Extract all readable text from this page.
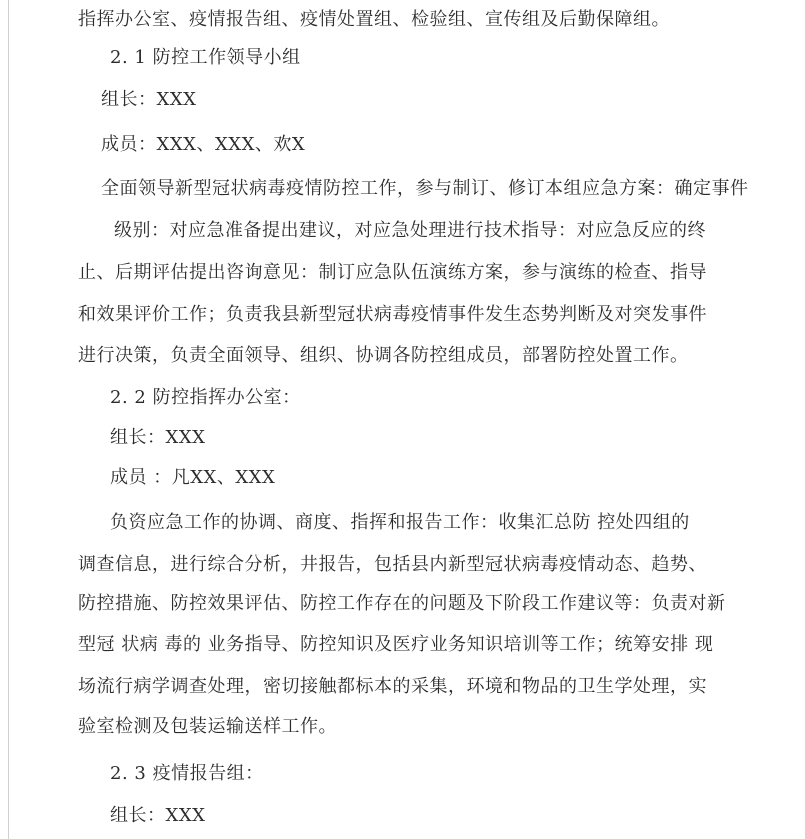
指挥办公室、疫情报告组、疫情处置组、检验组、宣传组及后勤保障组。
2. 1 防控工作领导小组
组长：XXX
成员：XXX、XXX、欢X
全面领导新型冠状病毒疫情防控工作，参与制订、修订本组应急方案：确定事件
级别：对应急准备提出建议，对应急处理进行技术指导：对应急反应的终
止、后期评估提出咨询意见：制订应急队伍演练方案，参与演练的检查、指导
和效果评价工作；负责我县新型冠状病毒疫情事件发生态势判断及对突发事件
进行决策，负责全面领导、组织、协调各防控组成员，部署防控处置工作。
2. 2 防控指挥办公室：
组长：XXX
成员 ：凡XX、XXX
负资应急工作的协调、商度、指挥和报告工作：收集汇总防 控处四组的
调查信息，进行综合分析，井报告，包括县内新型冠状病毒疫情动态、趋势、
防控措施、防控效果评估、防控工作存在的问题及下阶段工作建议等：负责对新
型冠 状病 毒的 业务指导、防控知识及医疗业务知识培训等工作；统筹安排 现
场流行病学调查处理，密切接触都标本的采集，环境和物品的卫生学处理，实
验室检测及包装运输送样工作。
2. 3 疫情报告组：
组长：XXX
